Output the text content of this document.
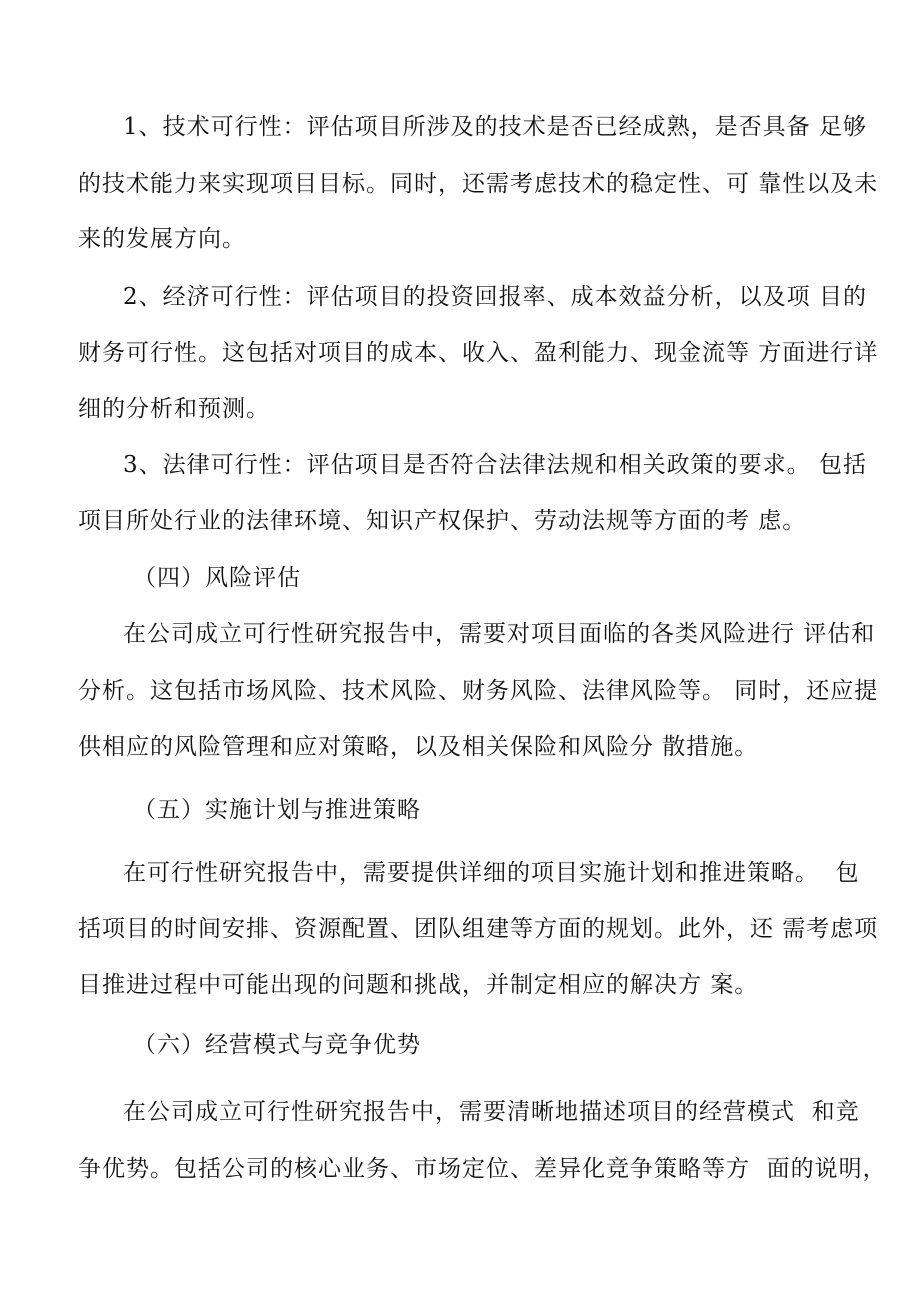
1、技术可行性：评估项目所涉及的技术是否已经成熟，是否具备 足够
的技术能力来实现项目目标。同时，还需考虑技术的稳定性、可 靠性以及未
来的发展方向。
2、经济可行性：评估项目的投资回报率、成本效益分析，以及项 目的
财务可行性。这包括对项目的成本、收入、盈利能力、现金流等 方面进行详
细的分析和预测。
3、法律可行性：评估项目是否符合法律法规和相关政策的要求。 包括
项目所处行业的法律环境、知识产权保护、劳动法规等方面的考 虑。
（四）风险评估
在公司成立可行性研究报告中，需要对项目面临的各类风险进行 评估和
分析。这包括市场风险、技术风险、财务风险、法律风险等。 同时，还应提
供相应的风险管理和应对策略，以及相关保险和风险分 散措施。
（五）实施计划与推进策略
在可行性研究报告中，需要提供详细的项目实施计划和推进策略。  包
括项目的时间安排、资源配置、团队组建等方面的规划。此外，还 需考虑项
目推进过程中可能出现的问题和挑战，并制定相应的解决方 案。
（六）经营模式与竞争优势
在公司成立可行性研究报告中，需要清晰地描述项目的经营模式  和竞
争优势。包括公司的核心业务、市场定位、差异化竞争策略等方  面的说明，
